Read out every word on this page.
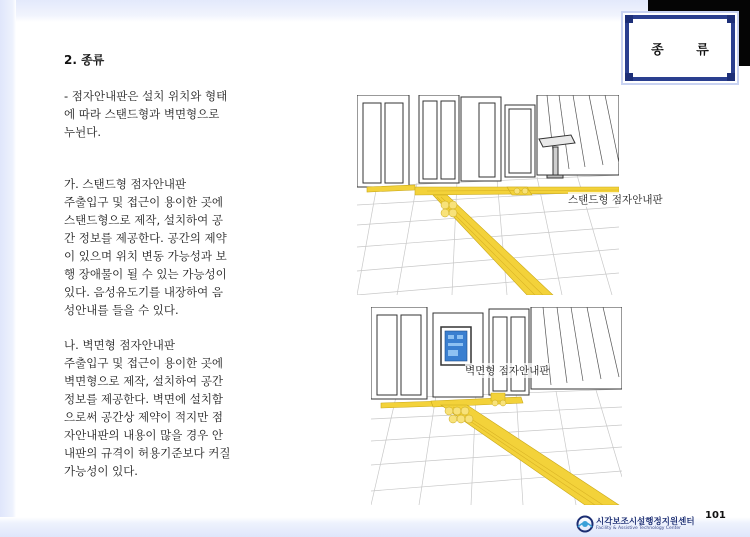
종 류
2. 종류
- 점자안내판은 설치 위치와 형태
에 따라 스탠드형과 벽면형으로
누뉜다.
가. 스탠드형 점자안내판
주출입구 및 접근이 용이한 곳에
스탠드형으로 제작, 설치하여 공
간 정보를 제공한다. 공간의 제약
이 있으며 위치 변동 가능성과 보
행 장애물이 될 수 있는 가능성이
있다. 음성유도기를 내장하여 음
성안내를 들을 수 있다.
나. 벽면형 점자안내판
주출입구 및 접근이 용이한 곳에
벽면형으로 제작, 설치하여 공간
정보를 제공한다. 벽면에 설치함
으로써 공간상 제약이 적지만 점
자안내판의 내용이 많을 경우 안
내판의 규격이 허용기준보다 커질
가능성이 있다.
스탠드형 점자안내판
벽면형 점자안내판
시각보조시설행정지원센터
Facility & Assistive Technology Center
101
